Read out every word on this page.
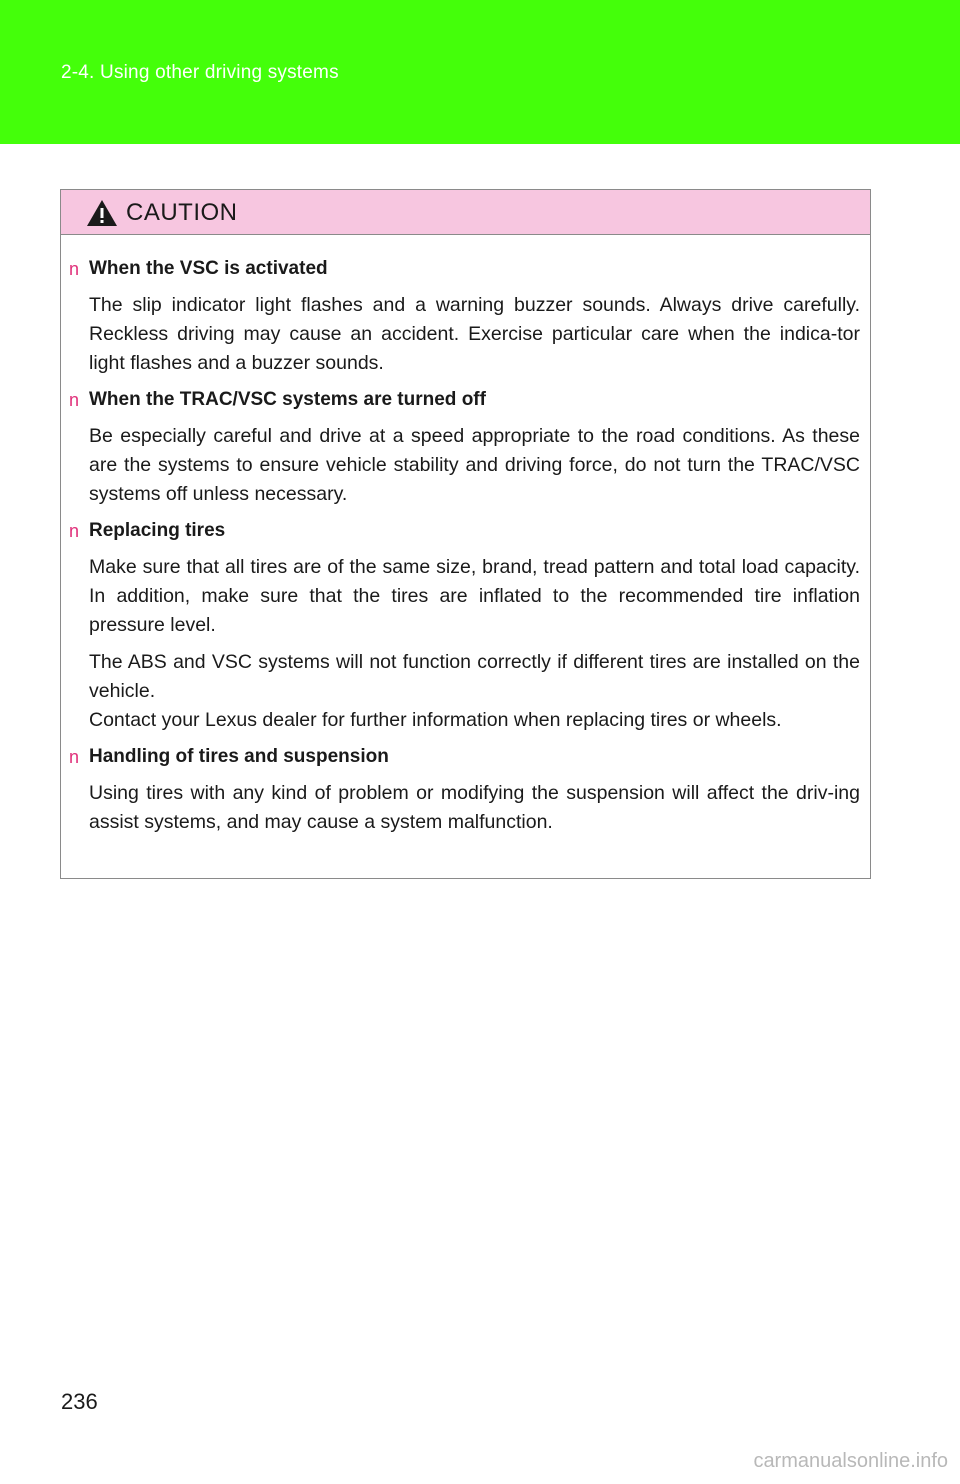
2-4. Using other driving systems
CAUTION
n When the VSC is activated

The slip indicator light flashes and a warning buzzer sounds. Always drive carefully. Reckless driving may cause an accident. Exercise particular care when the indica-tor light flashes and a buzzer sounds.

n When the TRAC/VSC systems are turned off

Be especially careful and drive at a speed appropriate to the road conditions. As these are the systems to ensure vehicle stability and driving force, do not turn the TRAC/VSC systems off unless necessary.

n Replacing tires

Make sure that all tires are of the same size, brand, tread pattern and total load capacity. In addition, make sure that the tires are inflated to the recommended tire inflation pressure level.

The ABS and VSC systems will not function correctly if different tires are installed on the vehicle.

Contact your Lexus dealer for further information when replacing tires or wheels.

n Handling of tires and suspension

Using tires with any kind of problem or modifying the suspension will affect the driv-ing assist systems, and may cause a system malfunction.

236
carmanualsonline.info
